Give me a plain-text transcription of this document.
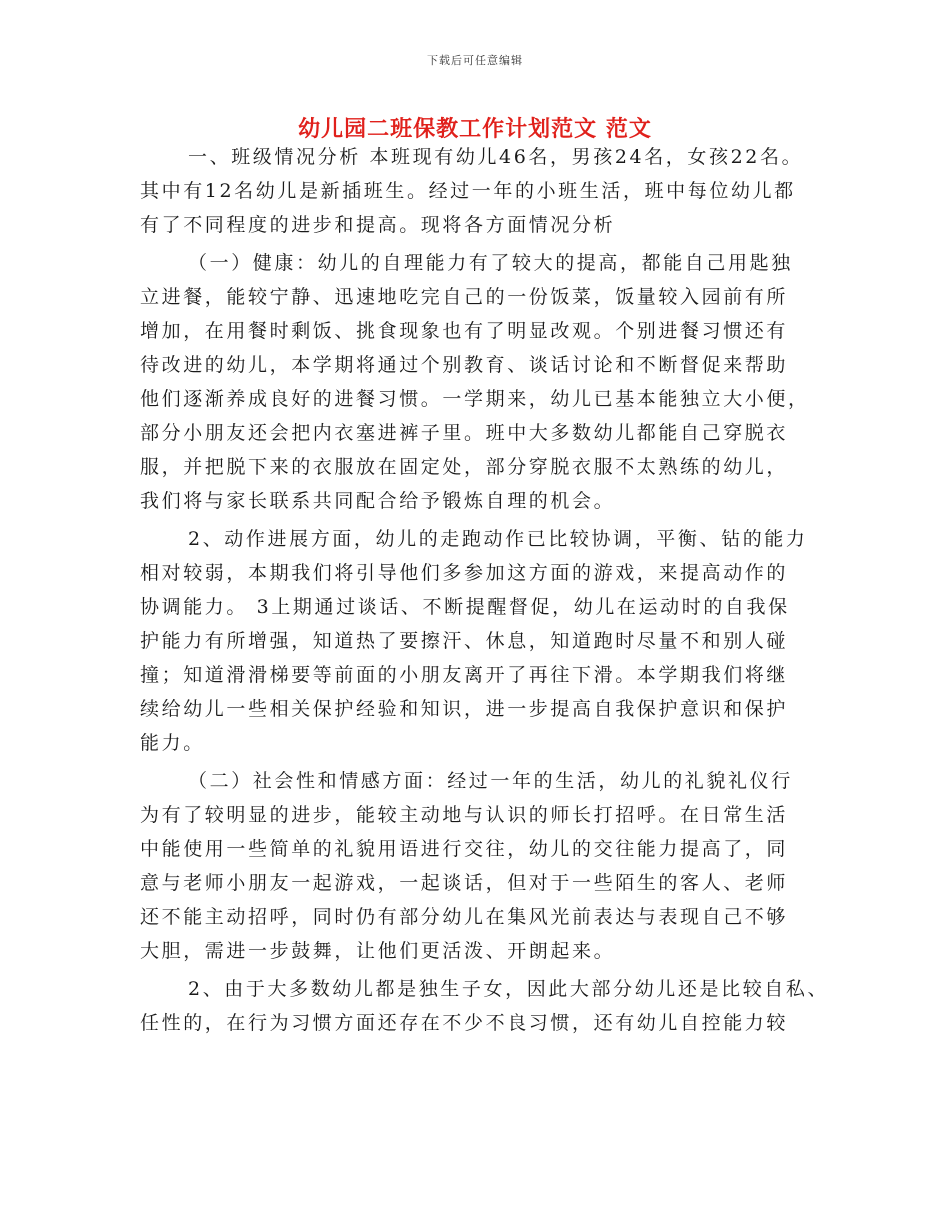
下载后可任意编辑
幼儿园二班保教工作计划范文 范文

一、班级情况分析 本班现有幼儿46名，男孩24名，女孩22名。
其中有12名幼儿是新插班生。经过一年的小班生活，班中每位幼儿都
有了不同程度的进步和提高。现将各方面情况分析

（一）健康：幼儿的自理能力有了较大的提高，都能自己用匙独
立进餐，能较宁静、迅速地吃完自己的一份饭菜，饭量较入园前有所
增加，在用餐时剩饭、挑食现象也有了明显改观。个别进餐习惯还有
待改进的幼儿，本学期将通过个别教育、谈话讨论和不断督促来帮助
他们逐渐养成良好的进餐习惯。一学期来，幼儿已基本能独立大小便，
部分小朋友还会把内衣塞进裤子里。班中大多数幼儿都能自己穿脱衣
服，并把脱下来的衣服放在固定处，部分穿脱衣服不太熟练的幼儿，
我们将与家长联系共同配合给予锻炼自理的机会。

2、动作进展方面，幼儿的走跑动作已比较协调，平衡、钻的能力
相对较弱，本期我们将引导他们多参加这方面的游戏，来提高动作的
协调能力。 3上期通过谈话、不断提醒督促，幼儿在运动时的自我保
护能力有所增强，知道热了要擦汗、休息，知道跑时尽量不和别人碰
撞；知道滑滑梯要等前面的小朋友离开了再往下滑。本学期我们将继
续给幼儿一些相关保护经验和知识，进一步提高自我保护意识和保护
能力。

（二）社会性和情感方面：经过一年的生活，幼儿的礼貌礼仪行
为有了较明显的进步，能较主动地与认识的师长打招呼。在日常生活
中能使用一些简单的礼貌用语进行交往，幼儿的交往能力提高了，同
意与老师小朋友一起游戏，一起谈话，但对于一些陌生的客人、老师
还不能主动招呼，同时仍有部分幼儿在集风光前表达与表现自己不够
大胆，需进一步鼓舞，让他们更活泼、开朗起来。

2、由于大多数幼儿都是独生子女，因此大部分幼儿还是比较自私、
任性的，在行为习惯方面还存在不少不良习惯，还有幼儿自控能力较
